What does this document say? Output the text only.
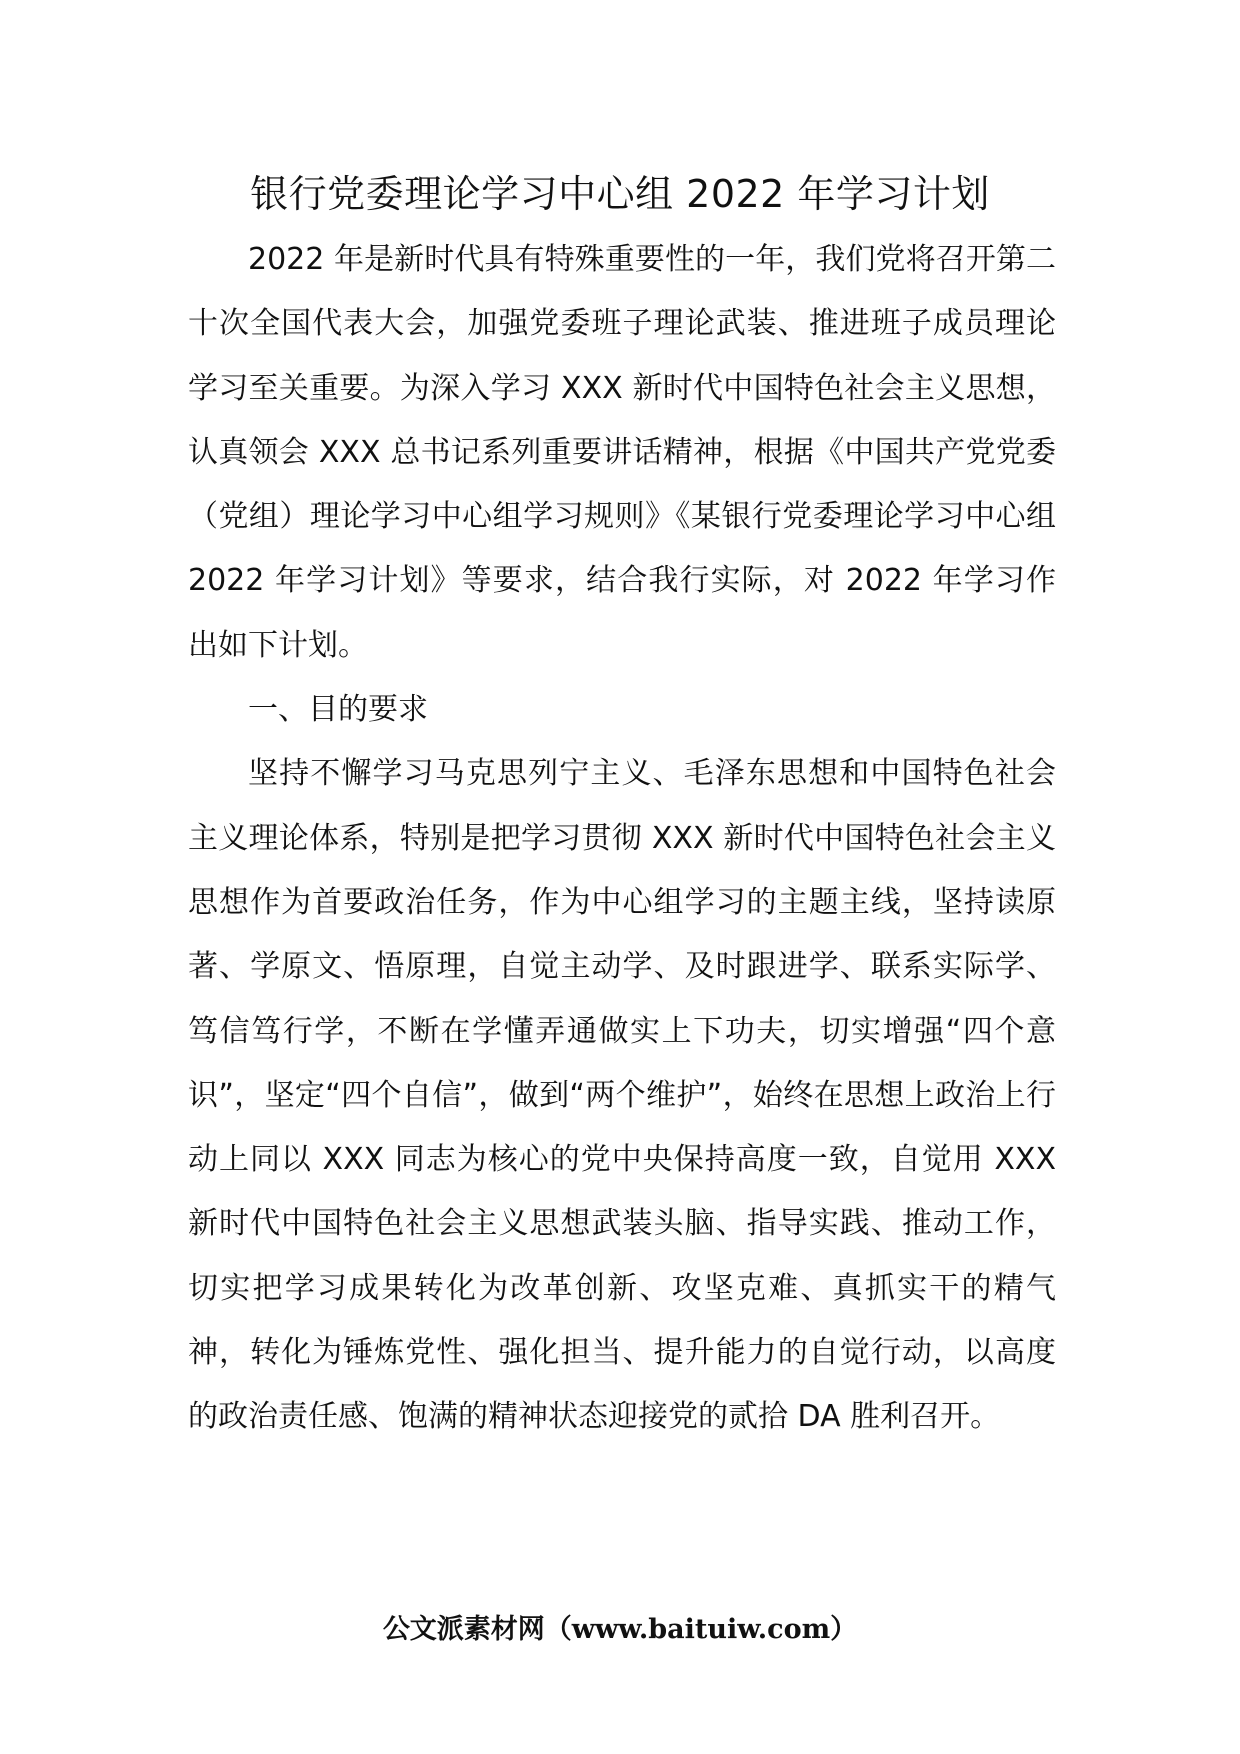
银行党委理论学习中心组 2022 年学习计划

2022 年是新时代具有特殊重要性的一年，我们党将召开第二十次全国代表大会，加强党委班子理论武装、推进班子成员理论学习至关重要。为深入学习 XXX 新时代中国特色社会主义思想，认真领会 XXX 总书记系列重要讲话精神，根据《中国共产党党委（党组）理论学习中心组学习规则》《某银行党委理论学习中心组 2022 年学习计划》等要求，结合我行实际，对 2022 年学习作出如下计划。

一、目的要求

坚持不懈学习马克思列宁主义、毛泽东思想和中国特色社会主义理论体系，特别是把学习贯彻 XXX 新时代中国特色社会主义思想作为首要政治任务，作为中心组学习的主题主线，坚持读原著、学原文、悟原理，自觉主动学、及时跟进学、联系实际学、笃信笃行学，不断在学懂弄通做实上下功夫，切实增强“四个意识”，坚定“四个自信”，做到“两个维护”，始终在思想上政治上行动上同以 XXX 同志为核心的党中央保持高度一致，自觉用 XXX 新时代中国特色社会主义思想武装头脑、指导实践、推动工作，切实把学习成果转化为改革创新、攻坚克难、真抓实干的精气神，转化为锤炼党性、强化担当、提升能力的自觉行动，以高度的政治责任感、饱满的精神状态迎接党的贰拾 DA 胜利召开。

公文派素材网（www.baituiw.com）
